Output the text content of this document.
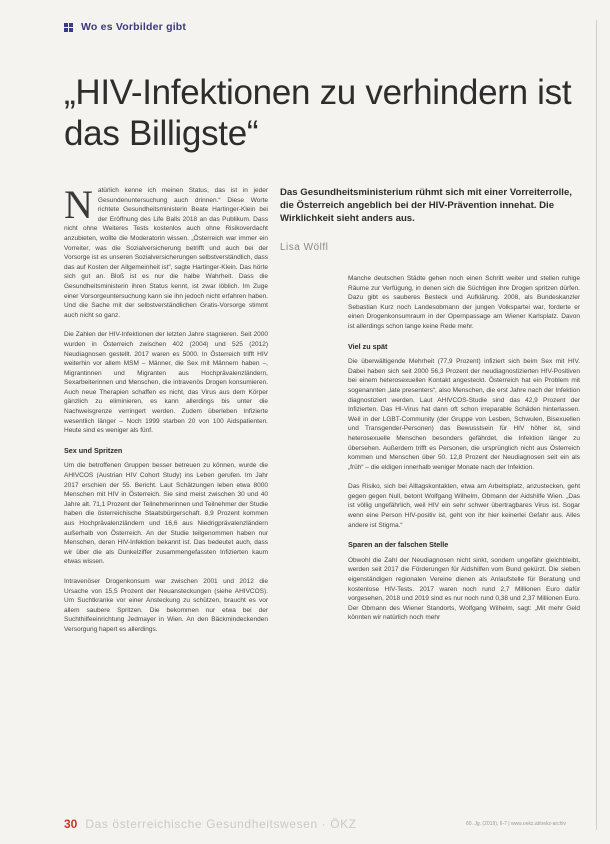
Wo es Vorbilder gibt
„HIV-Infektionen zu verhindern ist das Billigste“
Das Gesundheitsministerium rühmt sich mit einer Vorreiterrolle, die Österreich angeblich bei der HIV-Prävention innehat. Die Wirklichkeit sieht anders aus.
Lisa Wölfl

Natürlich kenne ich meinen Status, das ist in jeder Gesundenuntersuchung auch drinnen.“ Diese Worte richtete Gesundheitsministerin Beate Hartinger-Klein bei der Eröffnung des Life Balls 2018 an das Publikum. Dass nicht ohne Weiteres Tests kostenlos auch ohne Risikoverdacht anzubieten, wollte die Moderatorin wissen. „Österreich war immer ein Vorreiter, was die Sozialversicherung betrifft und auch bei der Vorsorge ist es unseren Sozialversicherungen selbstverständlich, dass das auf Kosten der Allgemeinheit ist“, sagte Hartinger-Klein. Das hörte sich gut an. Bloß ist es nur die halbe Wahrheit. Dass die Gesundheitsministerin ihren Status kennt, ist zwar löblich. Im Zuge einer Vorsorgeuntersuchung kann sie ihn jedoch nicht erfahren haben. Und die Sache mit der selbstverständlichen Gratis-Vorsorge stimmt auch nicht so ganz.

Die Zahlen der HIV-Infektionen der letzten Jahre stagnieren. Seit 2000 wurden in Österreich zwischen 402 (2004) und 525 (2012) Neudiagnosen gestellt. 2017 waren es 5000. In Österreich trifft HIV weiterhin vor allem MSM – Männer, die Sex mit Männern haben –, Migrantinnen und Migranten aus Hochprävalenzländern, Sexarbeiterinnen und Menschen, die intravenös Drogen konsumieren. Auch neue Therapien schaffen es nicht, das Virus aus dem Körper gänzlich zu eliminieren, es kann allerdings bis unter die Nachweisgrenze verringert werden. Zudem überleben Infizierte wesentlich länger – Noch 1999 starben 20 von 100 Aidspatienten. Heute sind es weniger als fünf.

Sex und Spritzen

Um die betroffenen Gruppen besser betreuen zu können, wurde die AHIVCOS (Austrian HIV Cohort Study) ins Leben gerufen. Im Jahr 2017 erschien der 55. Bericht. Laut Schätzungen leben etwa 8000 Menschen mit HIV in Österreich. Sie sind meist zwischen 30 und 40 Jahre alt. 71,1 Prozent der Teilnehmerinnen und Teilnehmer der Studie haben die österreichische Staatsbürgerschaft. 8,9 Prozent kommen aus Hochprävalenzländern und 16,6 aus Niedrigprävalenzländern außerhalb von Österreich. An der Studie teilgenommen haben nur Menschen, deren HIV-Infektion bekannt ist. Das bedeutet auch, dass wir über die als Dunkelziffer zusammengefassten Infizierten kaum etwas wissen.

Intravenöser Drogenkonsum war zwischen 2001 und 2012 die Ursache von 15,5 Prozent der Neuansteckungen (siehe AHIVCOS). Um Suchtkranke vor einer Ansteckung zu schützen, braucht es vor allem saubere Spritzen. Die bekommen nur etwa bei der Suchthilfeeinrichtung Jedmayer in Wien. An den Bäckmindeckenden Versorgung hapert es allerdings.

Manche deutschen Städte gehen noch einen Schritt weiter und stellen ruhige Räume zur Verfügung, in denen sich die Süchtigen ihre Drogen spritzen dürfen. Dazu gibt es sauberes Besteck und Aufklärung. 2008, als Bundeskanzler Sebastian Kurz noch Landesobmann der jungen Volkspartei war, forderte er einen Drogenkonsumraum in der Opernpassage am Wiener Karlsplatz. Davon ist allerdings schon lange keine Rede mehr.

Viel zu spät

Die überwältigende Mehrheit (77,9 Prozent) infiziert sich beim Sex mit HIV. Dabei haben sich seit 2000 56,3 Prozent der neudiagnostizierten HIV-Positiven bei einem heterosexuellen Kontakt angesteckt. Österreich hat ein Problem mit sogenannten „late presenters“, also Menschen, die erst Jahre nach der Infektion diagnostiziert werden. Laut AHIVCOS-Studie sind das 42,9 Prozent der Infizierten. Das HI-Virus hat dann oft schon irreparable Schäden hinterlassen. Weil in der LGBT-Community (der Gruppe von Lesben, Schwulen, Bisexuellen und Transgender-Personen) das Bewusstsein für HIV höher ist, sind heterosexuelle Menschen besonders gefährdet, die Infektion länger zu übersehen. Außerdem trifft es Personen, die ursprünglich nicht aus Österreich kommen und Menschen über 50. 12,8 Prozent der Neudiagnosen seit ein als „früh“ – die eldigen innerhalb weniger Monate nach der Infektion.

Das Risiko, sich bei Alltagskontakten, etwa am Arbeitsplatz, anzustecken, geht gegen gegen Null, betont Wolfgang Wilhelm, Obmann der Aidshilfe Wien. „Das ist völlig ungefährlich, weil HIV ein sehr schwer übertragbares Virus ist. Sogar wenn eine Person HIV-positiv ist, geht von ihr hier keinerlei Gefahr aus. Alles andere ist Stigma.“

Sparen an der falschen Stelle

Obwohl die Zahl der Neudiagnosen nicht sinkt, sondern ungefähr gleichbleibt, werden seit 2017 die Förderungen für Aidshilfen vom Bund gekürzt. Die sieben eigenständigen regionalen Vereine dienen als Anlaufstelle für Beratung und kostenlose HIV-Tests. 2017 waren noch rund 2,7 Millionen Euro dafür vorgesehen, 2018 und 2019 sind es nur noch rund 0,38 und 2,37 Millionen Euro. Der Obmann des Wiener Standorts, Wolfgang Wilhelm, sagt: „Mit mehr Geld könnten wir natürlich noch mehr

30 Das österreichische Gesundheitswesen · ÖKZ	60. Jg. (2019), 6-7 | www.oekz.at/oekz-archiv
